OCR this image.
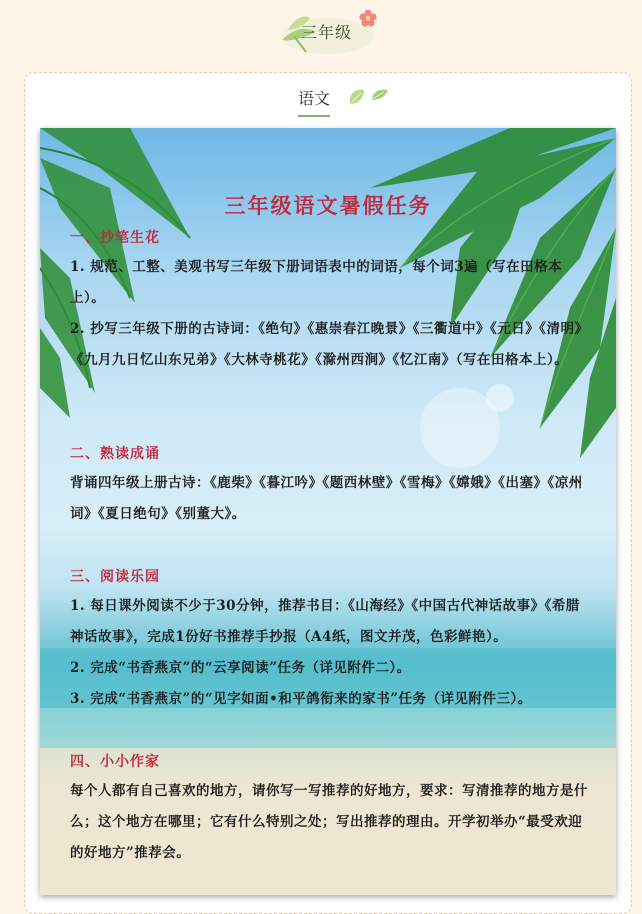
三年级
语文
三年级语文暑假任务
一、抄笔生花
1. 规范、工整、美观书写三年级下册词语表中的词语，每个词3遍（写在田格本上）。
2. 抄写三年级下册的古诗词：《绝句》《惠崇春江晚景》《三衢道中》《元日》《清明》《九月九日忆山东兄弟》《大林寺桃花》《滁州西涧》《忆江南》（写在田格本上）。
二、熟读成诵
背诵四年级上册古诗：《鹿柴》《暮江吟》《题西林壁》《雪梅》《嫦娥》《出塞》《凉州词》《夏日绝句》《别董大》。
三、阅读乐园
1. 每日课外阅读不少于30分钟，推荐书目：《山海经》《中国古代神话故事》《希腊神话故事》，完成1份好书推荐手抄报（A4纸，图文并茂，色彩鲜艳）。
2. 完成“书香燕京”的“云享阅读”任务（详见附件二）。
3. 完成“书香燕京”的“见字如面•和平鸽衔来的家书”任务（详见附件三）。
四、小小作家
每个人都有自己喜欢的地方，请你写一写推荐的好地方，要求：写清推荐的地方是什么；这个地方在哪里；它有什么特别之处；写出推荐的理由。开学初举办“最受欢迎的好地方”推荐会。
